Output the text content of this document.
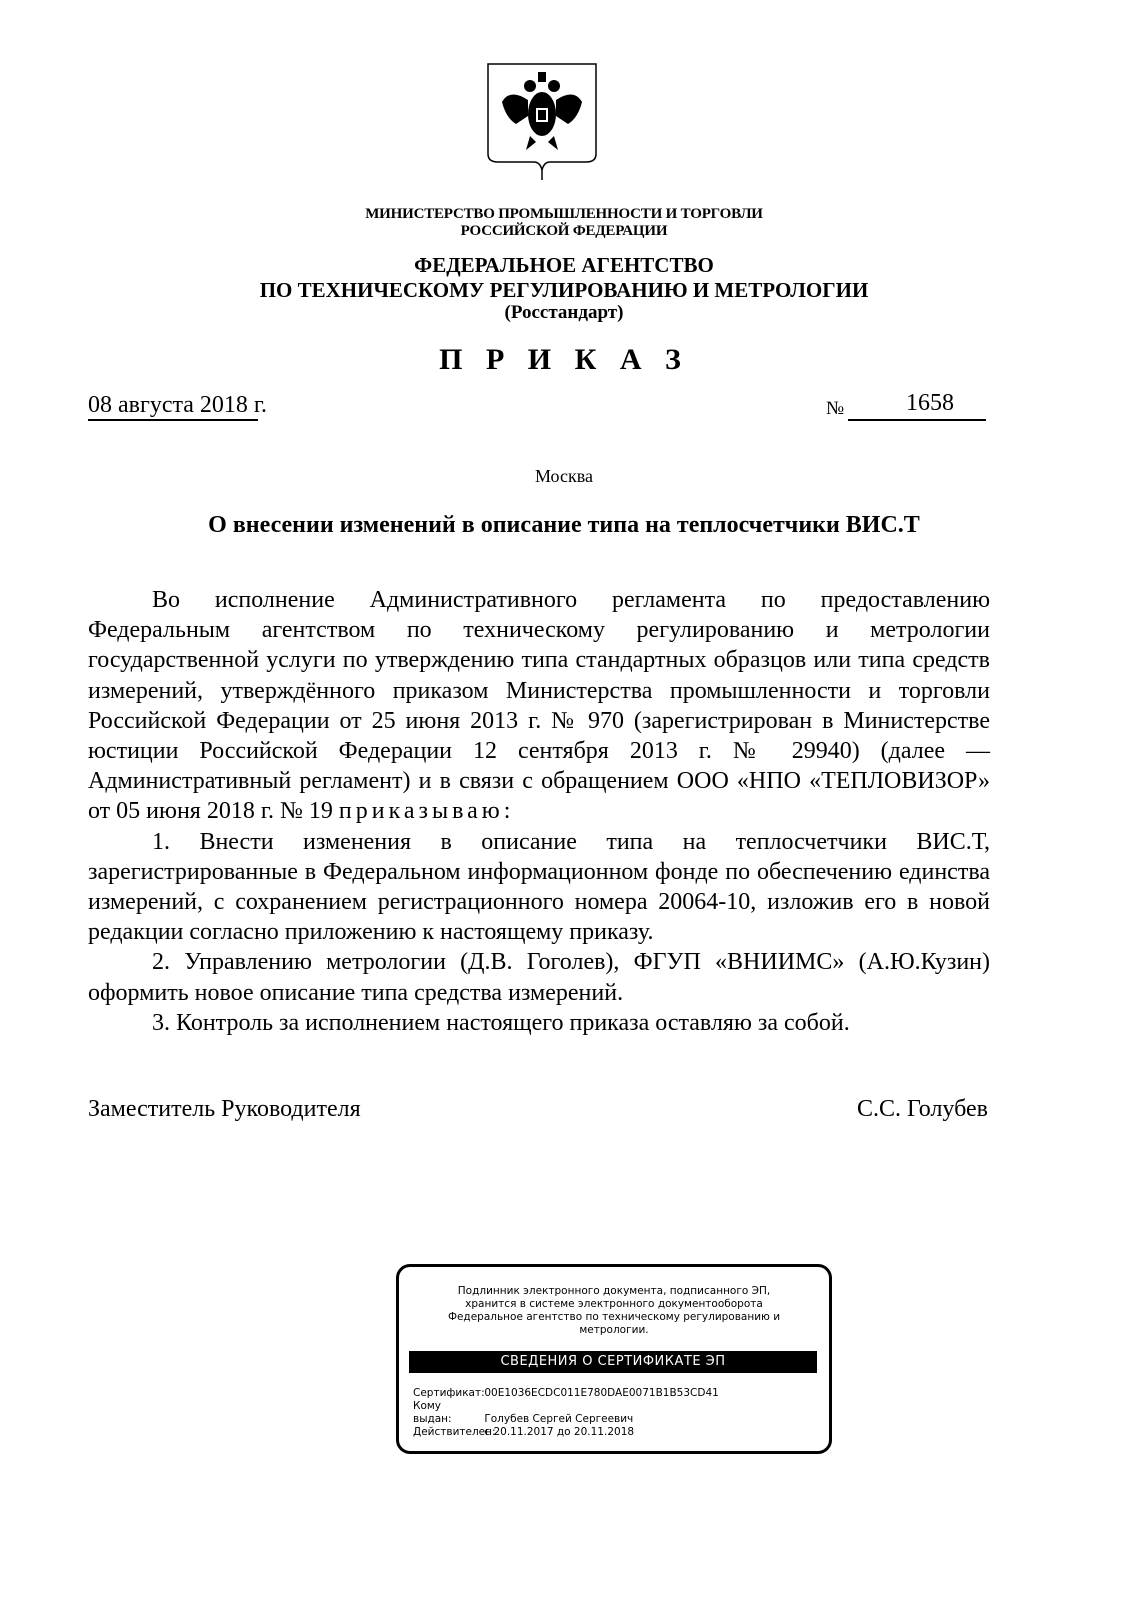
МИНИСТЕРСТВО ПРОМЫШЛЕННОСТИ И ТОРГОВЛИ
РОССИЙСКОЙ ФЕДЕРАЦИИ
ФЕДЕРАЛЬНОЕ АГЕНТСТВО
ПО ТЕХНИЧЕСКОМУ РЕГУЛИРОВАНИЮ И МЕТРОЛОГИИ
(Росстандарт)
П Р И К А З
08 августа 2018 г.	№	1658
Москва
О внесении изменений в описание типа на теплосчетчики ВИС.Т

Во исполнение Административного регламента по предоставлению Федеральным агентством по техническому регулированию и метрологии государственной услуги по утверждению типа стандартных образцов или типа средств измерений, утверждённого приказом Министерства промышленности и торговли Российской Федерации от 25 июня 2013 г. № 970 (зарегистрирован в Министерстве юстиции Российской Федерации 12 сентября 2013 г. № 29940) (далее — Административный регламент) и в связи с обращением ООО «НПО «ТЕПЛОВИЗОР» от 05 июня 2018 г. № 19 приказываю:

1. Внести изменения в описание типа на теплосчетчики ВИС.Т, зарегистрированные в Федеральном информационном фонде по обеспечению единства измерений, с сохранением регистрационного номера 20064-10, изложив его в новой редакции согласно приложению к настоящему приказу.

2. Управлению метрологии (Д.В. Гоголев), ФГУП «ВНИИМС» (А.Ю.Кузин) оформить новое описание типа средства измерений.

3. Контроль за исполнением настоящего приказа оставляю за собой.

Заместитель Руководителя	С.С. Голубев
Подлинник электронного документа, подписанного ЭП,
хранится в системе электронного документооборота
Федеральное агентство по техническому регулированию и
метрологии.
СВЕДЕНИЯ О СЕРТИФИКАТЕ ЭП
Сертификат: 00E1036ECDC011E780DAE0071B1B53CD41
Кому выдан:	Голубев Сергей Сергеевич
Действителен: с 20.11.2017 до 20.11.2018
